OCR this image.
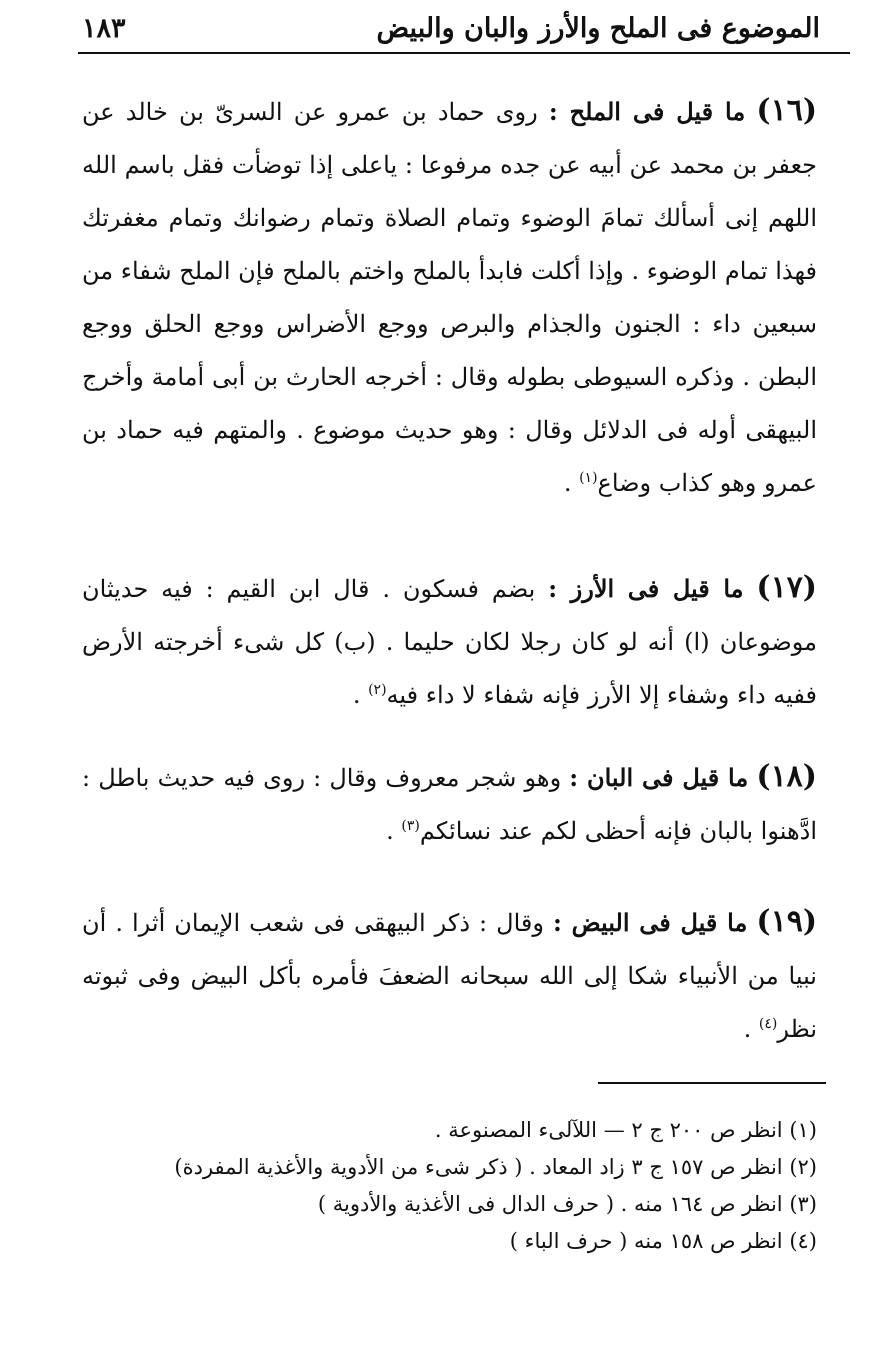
الموضوع فى الملح والأرز والبان والبيض
١٨٣
(١٦) ما قيل فى الملح : روى حماد بن عمرو عن السرىّ بن خالد عن جعفر بن محمد عن أبيه عن جده مرفوعا : ياعلى إذا توضأت فقل باسم الله اللهم إنى أسألك تمامَ الوضوء وتمام الصلاة وتمام رضوانك وتمام مغفرتك فهذا تمام الوضوء . وإذا أكلت فابدأ بالملح واختم بالملح فإن الملح شفاء من سبعين داء : الجنون والجذام والبرص ووجع الأضراس ووجع الحلق ووجع البطن . وذكره السيوطى بطوله وقال : أخرجه الحارث بن أبى أمامة وأخرج البيهقى أوله فى الدلائل وقال : وهو حديث موضوع . والمتهم فيه حماد بن عمرو وهو كذاب وضاع$^{(١)}$ .
(١٧) ما قيل فى الأرز : بضم فسكون . قال ابن القيم : فيه حديثان موضوعان (ا) أنه لو كان رجلا لكان حليما . (ب) كل شىء أخرجته الأرض ففيه داء وشفاء إلا الأرز فإنه شفاء لا داء فيه$^{(٢)}$ .
(١٨) ما قيل فى البان : وهو شجر معروف وقال : روى فيه حديث باطل : ادَّهنوا بالبان فإنه أحظى لكم عند نسائكم$^{(٣)}$ .
(١٩) ما قيل فى البيض : وقال : ذكر البيهقى فى شعب الإيمان أثرا . أن نبيا من الأنبياء شكا إلى الله سبحانه الضعفَ فأمره بأكل البيض وفى ثبوته نظر$^{(٤)}$ .
(١) انظر ص ٢٠٠ ج ٢ — اللآلىء المصنوعة .
(٢) انظر ص ١٥٧ ج ٣ زاد المعاد . ( ذكر شىء من الأدوية والأغذية المفردة)
(٣) انظر ص ١٦٤ منه . ( حرف الدال فى الأغذية والأدوية )
(٤) انظر ص ١٥٨ منه ( حرف الباء )
